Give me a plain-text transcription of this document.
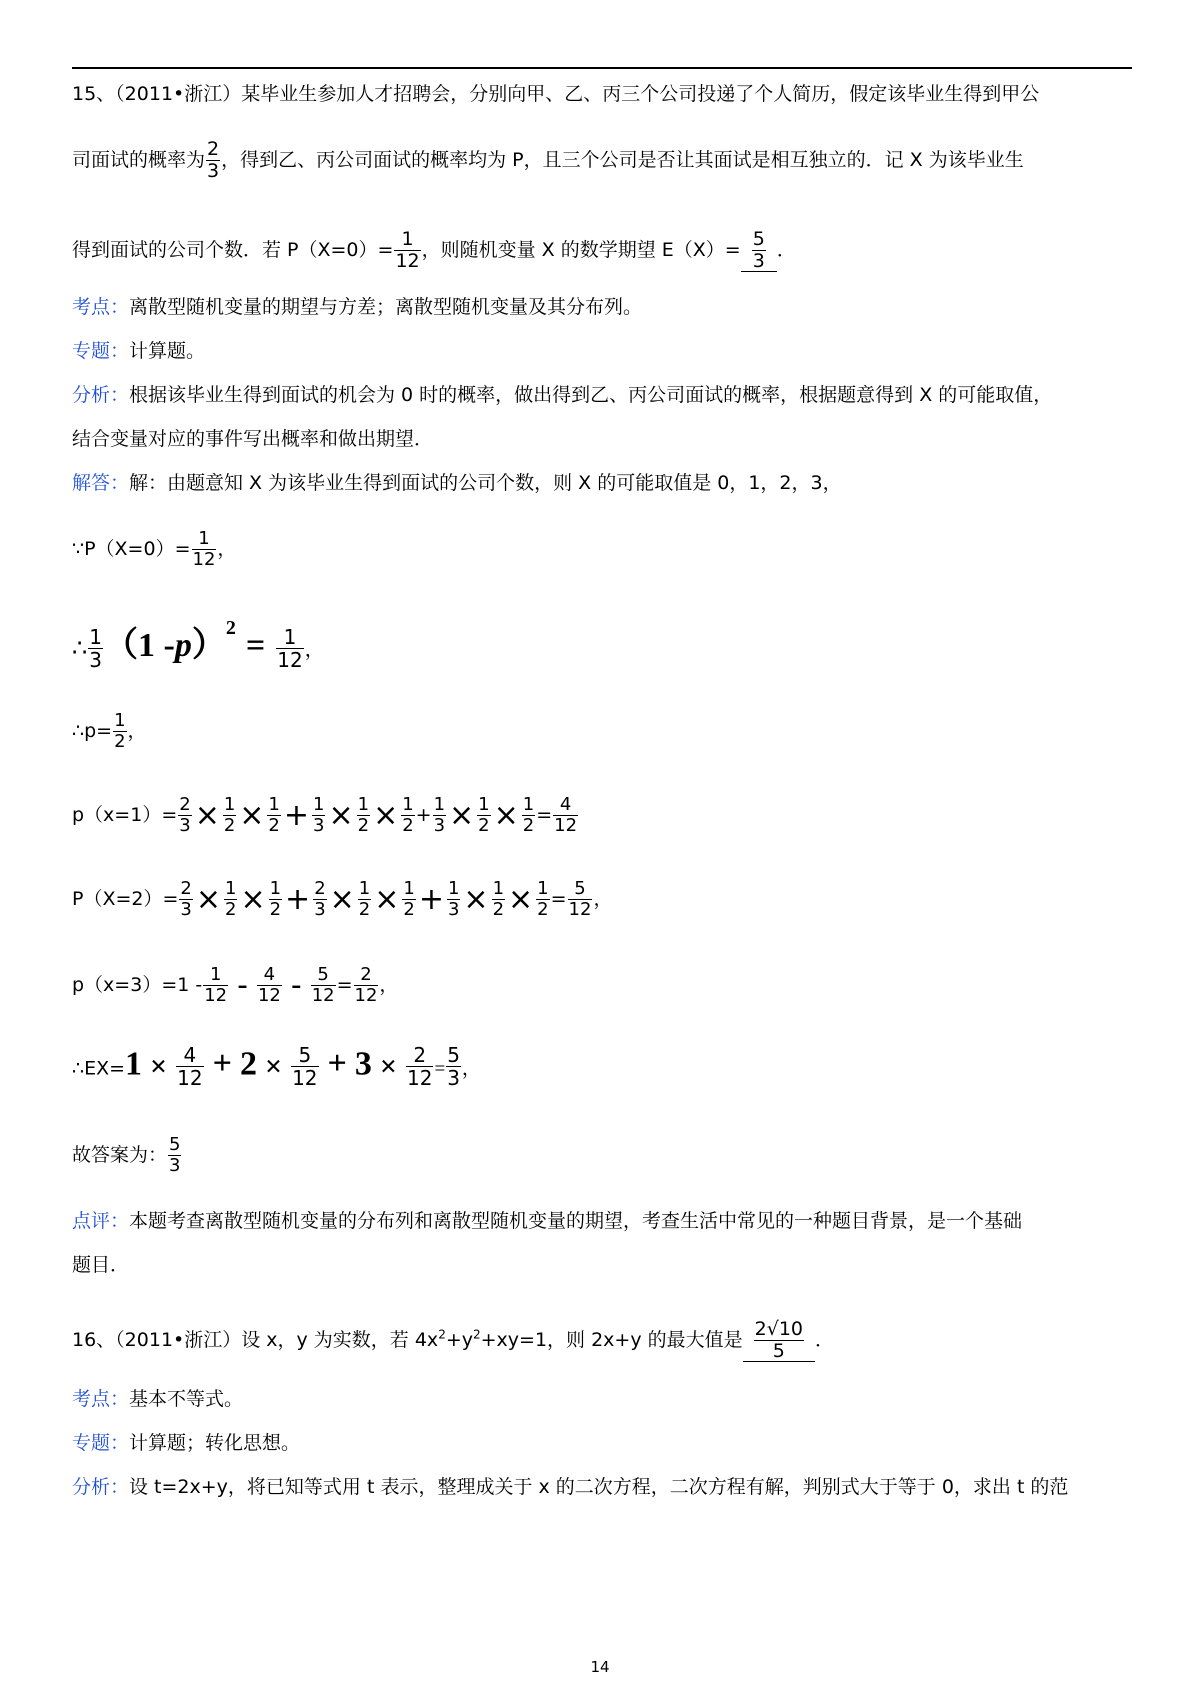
15、（2011•浙江）某毕业生参加人才招聘会，分别向甲、乙、丙三个公司投递了个人简历，假定该毕业生得到甲公
司面试的概率为 $\frac{2}{3}$ ，得到乙、丙公司面试的概率均为 P，且三个公司是否让其面试是相互独立的．记 X 为该毕业生
得到面试的公司个数．若 $P(X=0)= \frac{1}{12}$ ，则随机变量 X 的数学期望 $E(X)= \frac{5}{3}$ ．
考点：离散型随机变量的期望与方差；离散型随机变量及其分布列。
专题：计算题。
分析：根据该毕业生得到面试的机会为 0 时的概率，做出得到乙、丙公司面试的概率，根据题意得到 X 的可能取值，
结合变量对应的事件写出概率和做出期望．
解答：解：由题意知 X 为该毕业生得到面试的公司个数，则 X 的可能取值是 0，1，2，3，
∵P（X=0）= $\frac{1}{12}$ ，
∴ $\frac{1}{3} (1$ $-p)^2 = \frac{1}{12}$ ，
∴p= $\frac{1}{2}$ ，
$p(x=1)= \frac{2}{3} \times \frac{1}{2} \times \frac{1}{2} + \frac{1}{3} \times \frac{1}{2} \times \frac{1}{2} + \frac{1}{3} \times \frac{1}{2} \times \frac{1}{2} = \frac{4}{12}$
$P(X=2)= \frac{2}{3} \times \frac{1}{2} \times \frac{1}{2} + \frac{2}{3} \times \frac{1}{2} \times \frac{1}{2} + \frac{1}{3} \times \frac{1}{2} \times \frac{1}{2} = \frac{5}{12}$ ，
$p(x=3)=1 - \frac{1}{12} - \frac{4}{12} - \frac{5}{12} = \frac{2}{12}$ ，
∴EX=1 × $\frac{4}{12} + 2 \times \frac{5}{12} + 3 \times \frac{2}{12} = \frac{5}{3}$ ，
故答案为： $\frac{5}{3}$
点评：本题考查离散型随机变量的分布列和离散型随机变量的期望，考查生活中常见的一种题目背景，是一个基础
题目．
16、（2011•浙江）设 x，y 为实数，若 $4x^2+y^2+xy=1$，则 2x+y 的最大值是 $\frac{2√10}{5}$ ．
考点：基本不等式。
专题：计算题；转化思想。
分析：设 t=2x+y，将已知等式用 t 表示，整理成关于 x 的二次方程，二次方程有解，判别式大于等于 0，求出 t 的范
14
